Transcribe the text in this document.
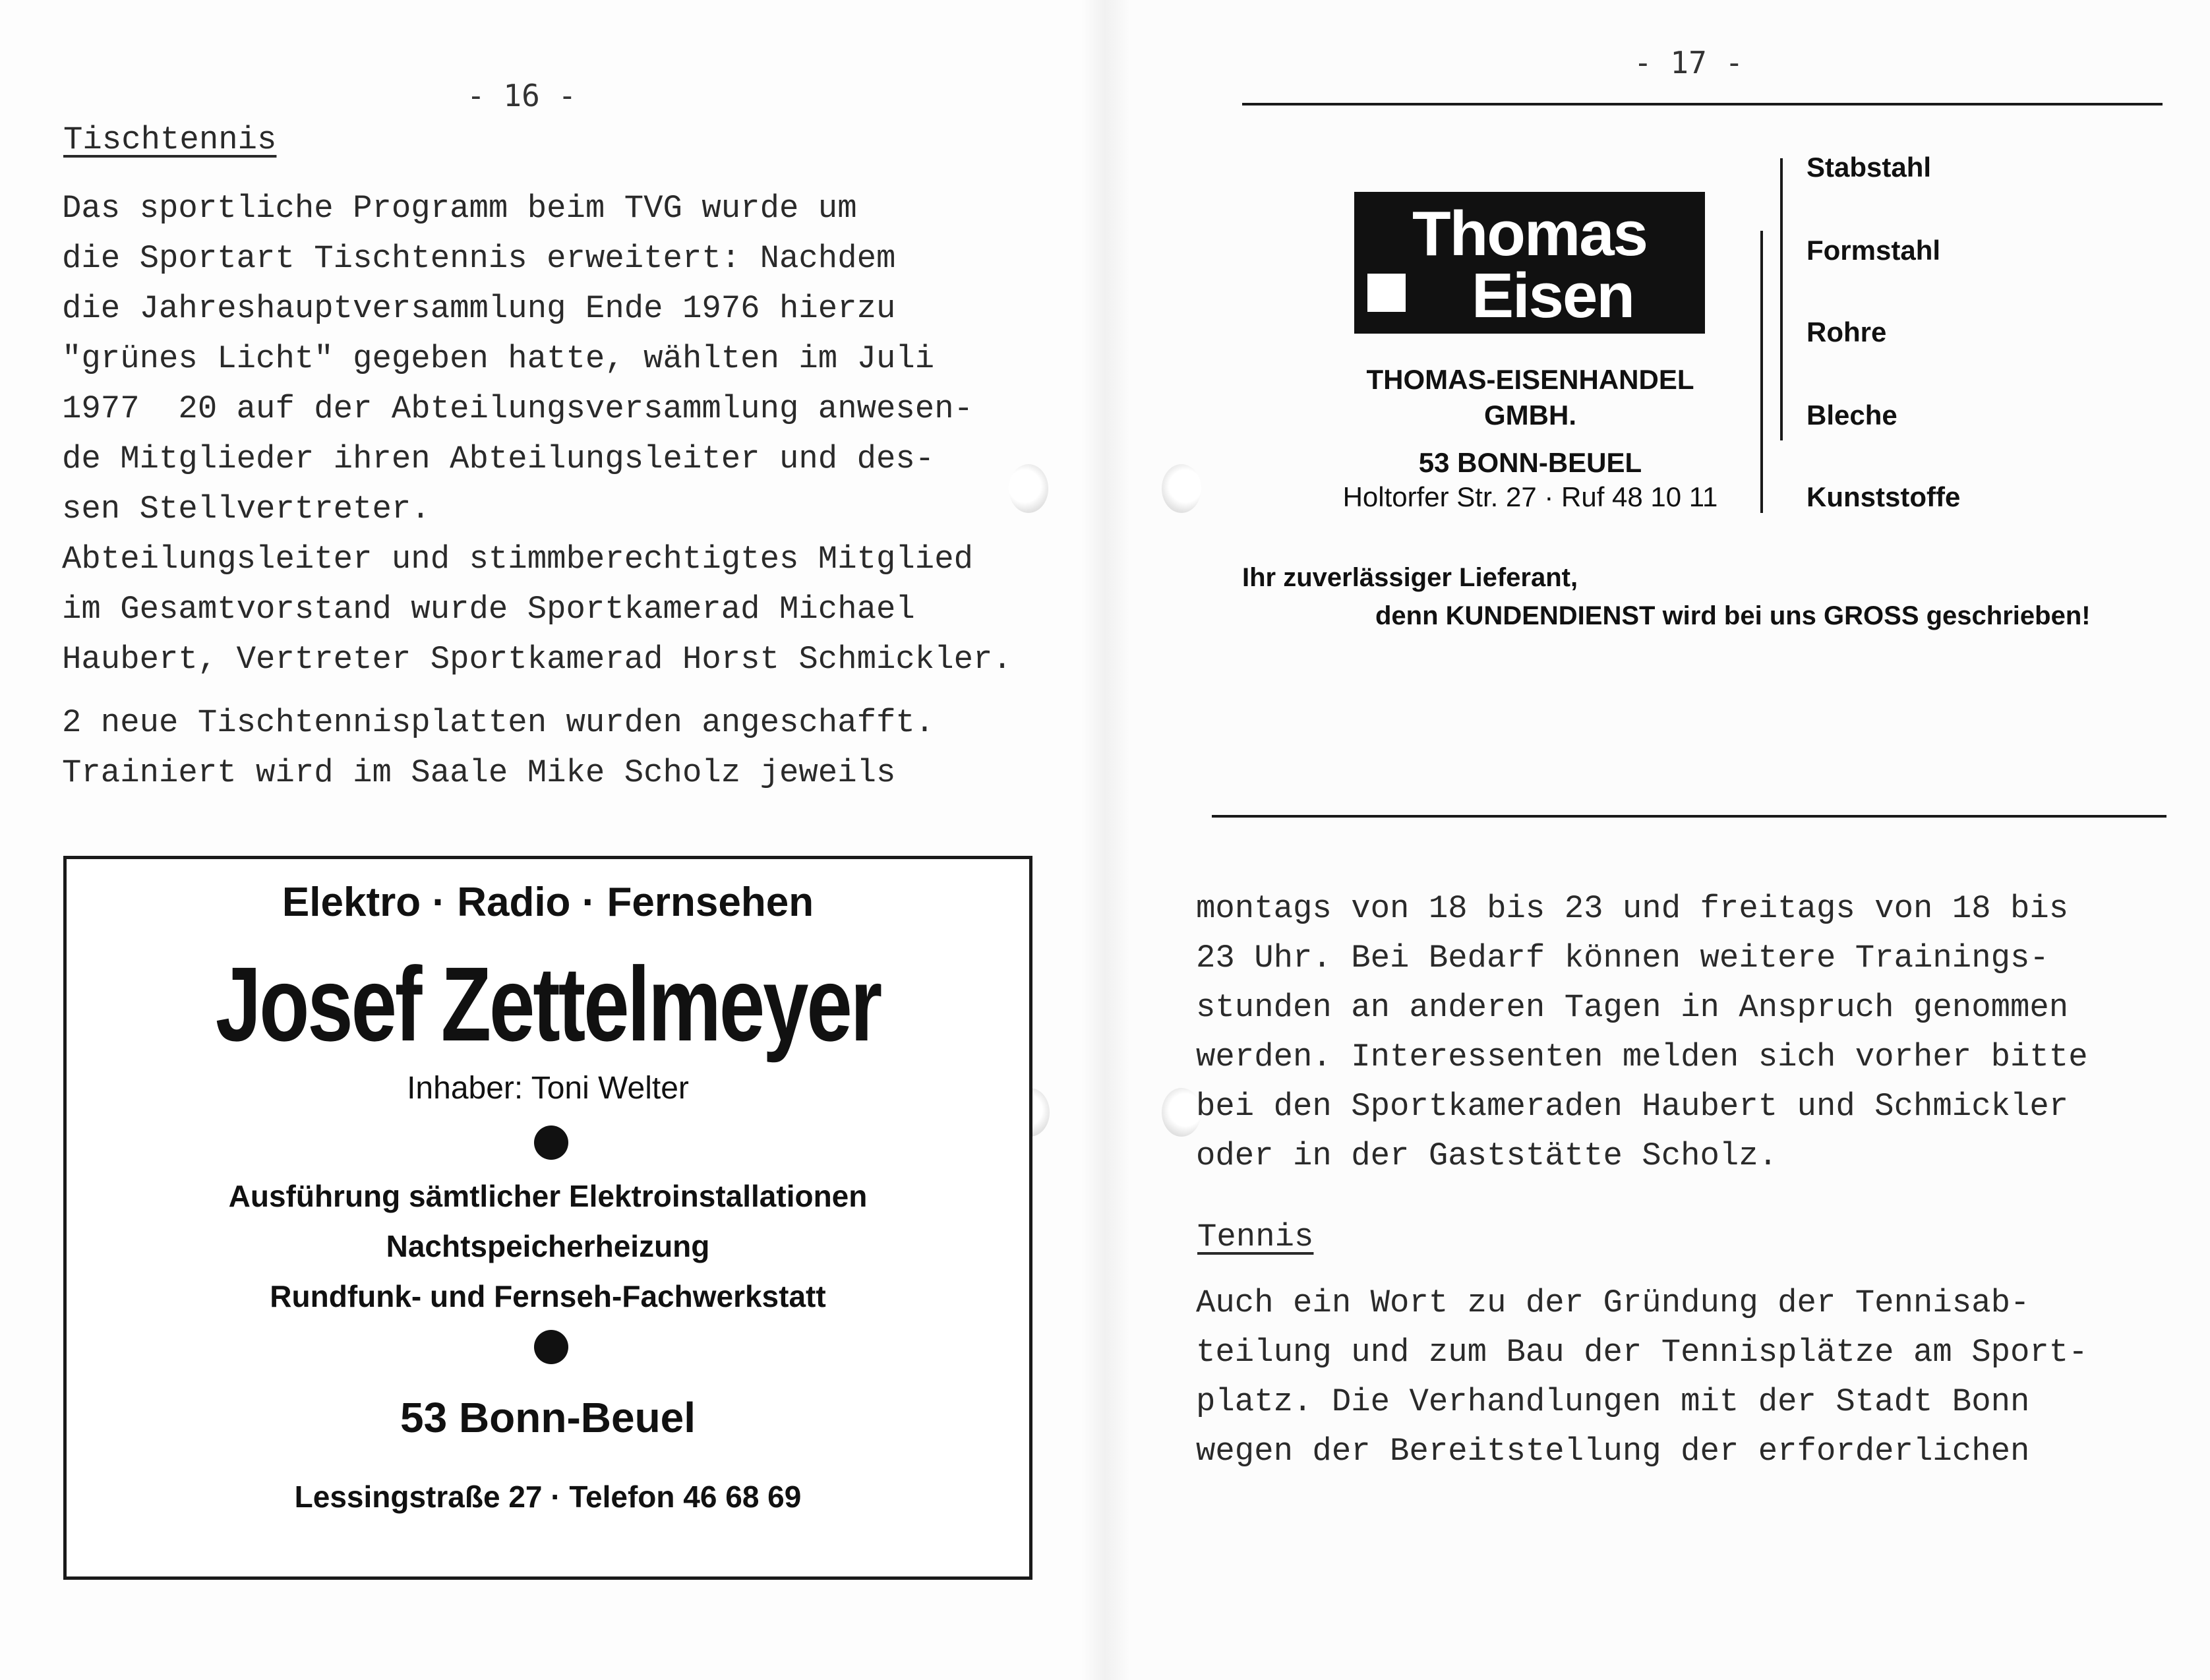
- 16 -
Tischtennis
Das sportliche Programm beim TVG wurde um
die Sportart Tischtennis erweitert: Nachdem
die Jahreshauptversammlung Ende 1976 hierzu
"grünes Licht" gegeben hatte, wählten im Juli
1977  20 auf der Abteilungsversammlung anwesen-
de Mitglieder ihren Abteilungsleiter und des-
sen Stellvertreter.
Abteilungsleiter und stimmberechtigtes Mitglied
im Gesamtvorstand wurde Sportkamerad Michael
Haubert, Vertreter Sportkamerad Horst Schmickler.
2 neue Tischtennisplatten wurden angeschafft.
Trainiert wird im Saale Mike Scholz jeweils
Elektro · Radio · Fernsehen
Josef Zettelmeyer
Inhaber: Toni Welter
Ausführung sämtlicher Elektroinstallationen
Nachtspeicherheizung
Rundfunk- und Fernseh-Fachwerkstatt
53 Bonn-Beuel
Lessingstraße 27 · Telefon 46 68 69
- 17 -
Thomas
Eisen
THOMAS-EISENHANDEL
GMBH.
53 BONN-BEUEL
Holtorfer Str. 27 · Ruf 48 10 11
Stabstahl
Formstahl
Rohre
Bleche
Kunststoffe
Ihr zuverlässiger Lieferant,
denn KUNDENDIENST wird bei uns GROSS geschrieben!
montags von 18 bis 23 und freitags von 18 bis
23 Uhr. Bei Bedarf können weitere Trainings-
stunden an anderen Tagen in Anspruch genommen
werden. Interessenten melden sich vorher bitte
bei den Sportkameraden Haubert und Schmickler
oder in der Gaststätte Scholz.
Tennis
Auch ein Wort zu der Gründung der Tennisab-
teilung und zum Bau der Tennisplätze am Sport-
platz. Die Verhandlungen mit der Stadt Bonn
wegen der Bereitstellung der erforderlichen
